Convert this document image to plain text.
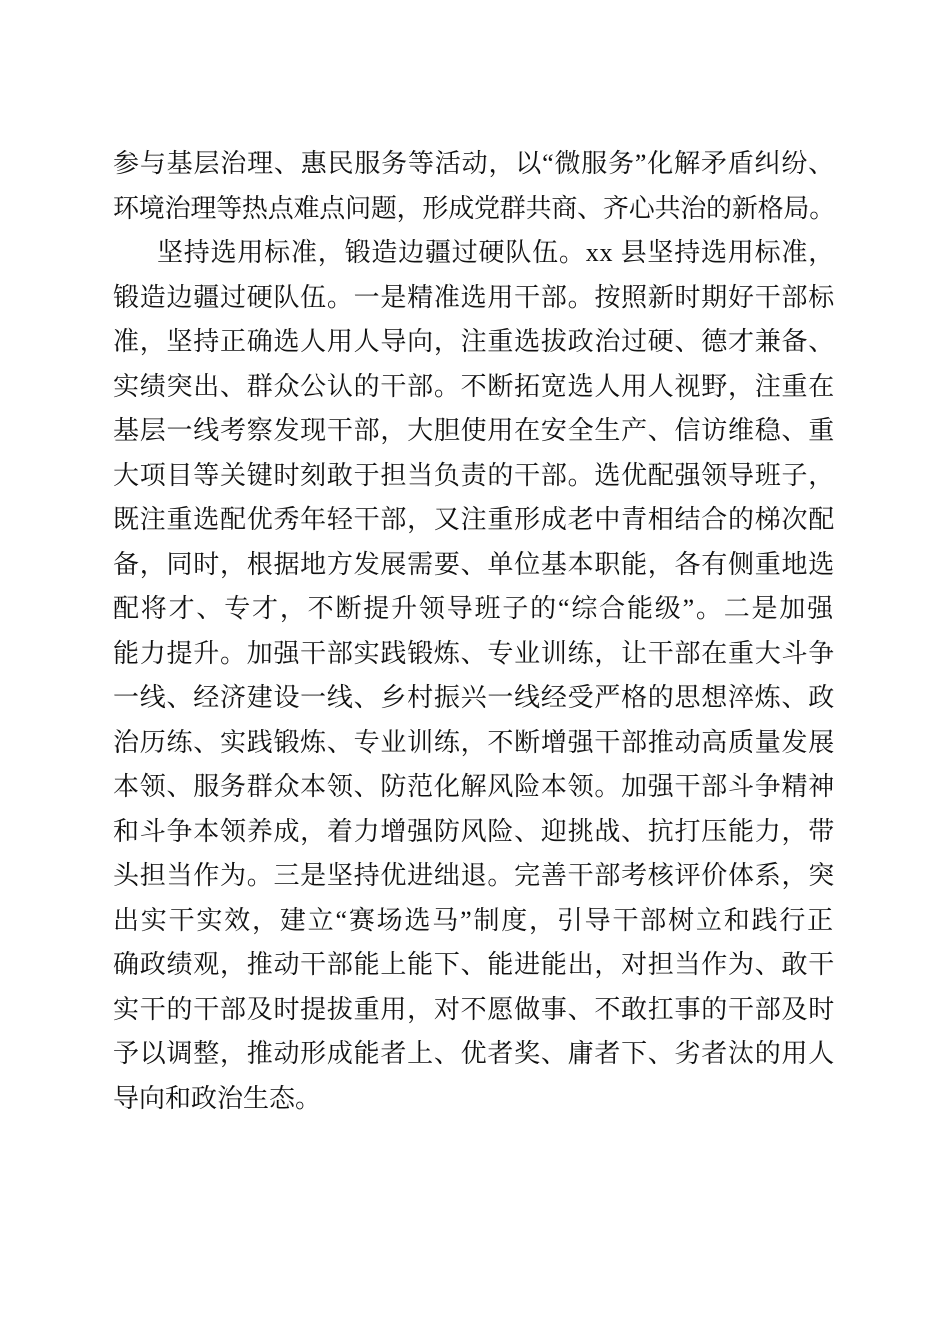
参与基层治理、惠民服务等活动，以“微服务”化解矛盾纠纷、
环境治理等热点难点问题，形成党群共商、齐心共治的新格局。
坚持选用标准，锻造边疆过硬队伍。xx 县坚持选用标准，
锻造边疆过硬队伍。一是精准选用干部。按照新时期好干部标
准，坚持正确选人用人导向，注重选拔政治过硬、德才兼备、
实绩突出、群众公认的干部。不断拓宽选人用人视野，注重在
基层一线考察发现干部，大胆使用在安全生产、信访维稳、重
大项目等关键时刻敢于担当负责的干部。选优配强领导班子，
既注重选配优秀年轻干部，又注重形成老中青相结合的梯次配
备，同时，根据地方发展需要、单位基本职能，各有侧重地选
配将才、专才，不断提升领导班子的“综合能级”。二是加强
能力提升。加强干部实践锻炼、专业训练，让干部在重大斗争
一线、经济建设一线、乡村振兴一线经受严格的思想淬炼、政
治历练、实践锻炼、专业训练，不断增强干部推动高质量发展
本领、服务群众本领、防范化解风险本领。加强干部斗争精神
和斗争本领养成，着力增强防风险、迎挑战、抗打压能力，带
头担当作为。三是坚持优进绌退。完善干部考核评价体系，突
出实干实效，建立“赛场选马”制度，引导干部树立和践行正
确政绩观，推动干部能上能下、能进能出，对担当作为、敢干
实干的干部及时提拔重用，对不愿做事、不敢扛事的干部及时
予以调整，推动形成能者上、优者奖、庸者下、劣者汰的用人
导向和政治生态。
